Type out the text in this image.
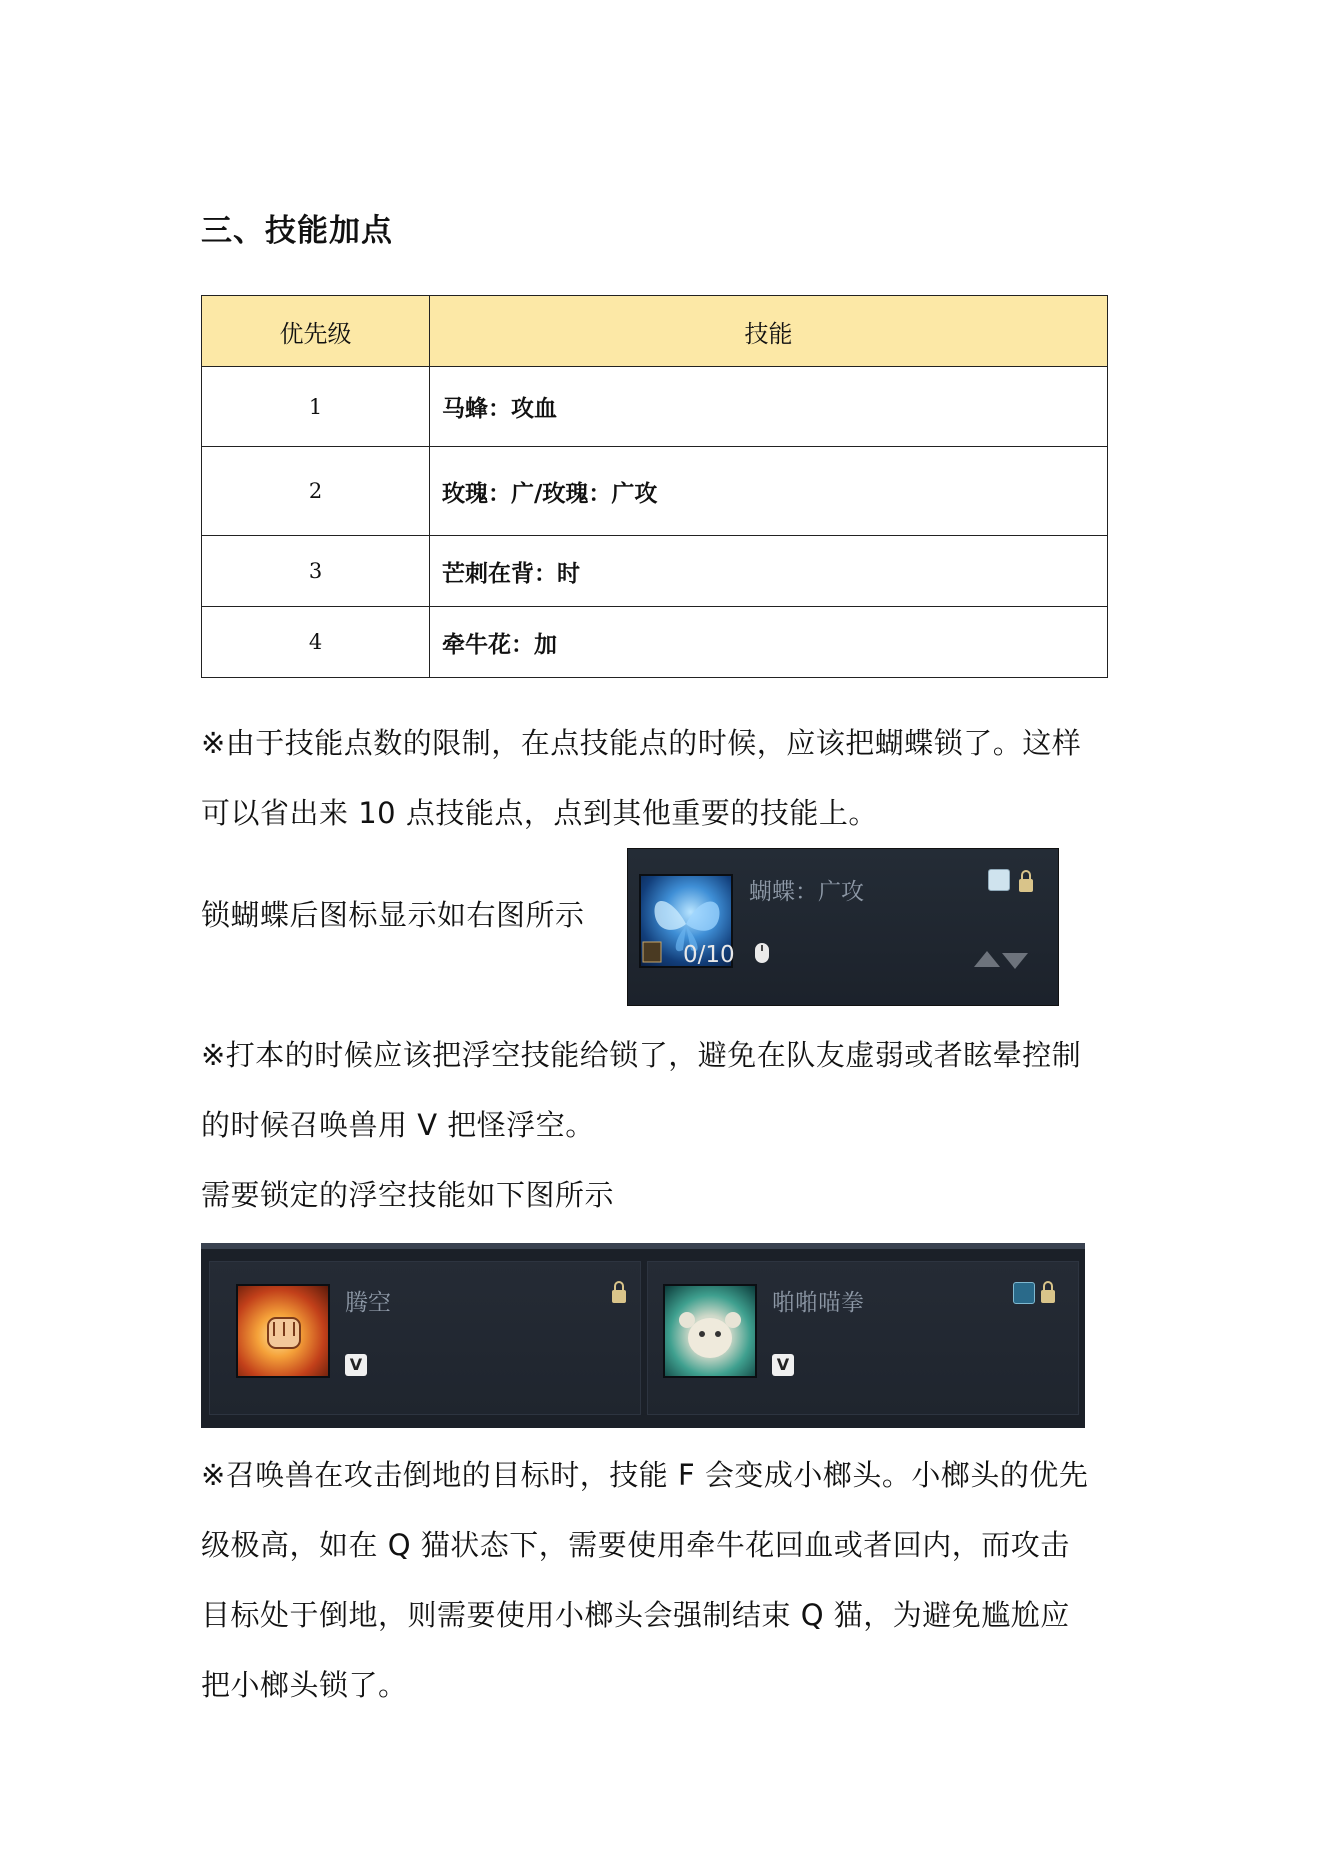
三、技能加点
优先级	技能
1	马蜂：攻血
2	玫瑰：广/玫瑰：广攻
3	芒刺在背：时
4	牵牛花：加
※由于技能点数的限制，在点技能点的时候，应该把蝴蝶锁了。这样
可以省出来 10 点技能点，点到其他重要的技能上。
锁蝴蝶后图标显示如右图所示
蝴蝶：广攻
0/10
※打本的时候应该把浮空技能给锁了，避免在队友虚弱或者眩晕控制
的时候召唤兽用 V 把怪浮空。
需要锁定的浮空技能如下图所示
腾空
V
啪啪喵拳
V
※召唤兽在攻击倒地的目标时，技能 F 会变成小榔头。小榔头的优先
级极高，如在 Q 猫状态下，需要使用牵牛花回血或者回内，而攻击
目标处于倒地，则需要使用小榔头会强制结束 Q 猫，为避免尴尬应
把小榔头锁了。
